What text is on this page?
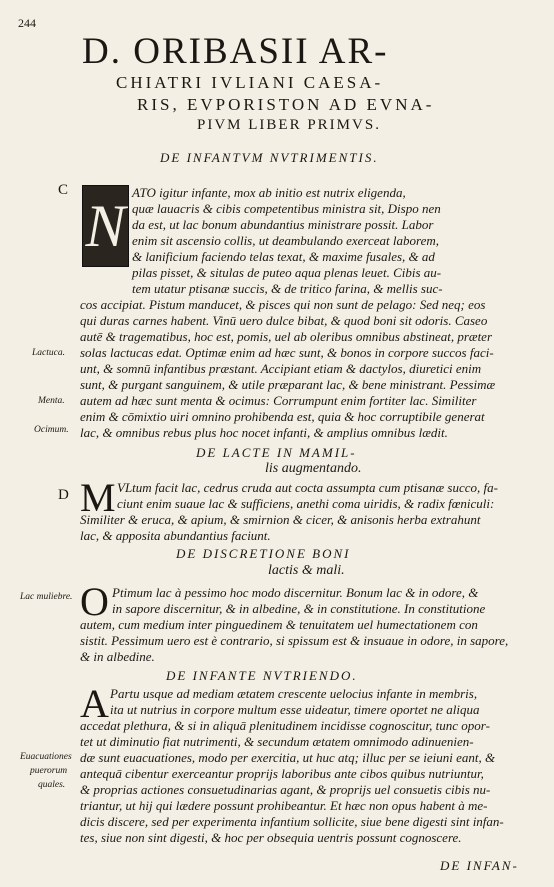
244
D. ORIBASII AR-
CHIATRI IVLIANI CAESA-
RIS, EVPORISTON AD EVNA-
PIVM LIBER PRIMVS.
DE INFANTVM NVTRIMENTIS.
C
N
ATO igitur infante, mox ab initio est nutrix eligenda,
quæ lauacris & cibis competentibus ministra sit, Dispo nen
da est, ut lac bonum abundantius ministrare possit. Labor
enim sit ascensio collis, ut deambulando exerceat laborem,
& lanificium faciendo telas texat, & maxime fusales, & ad
pilas pisset, & situlas de puteo aqua plenas leuet. Cibis au-
tem utatur ptisanæ succis, & de tritico farina, & mellis suc-
cos accipiat. Pistum manducet, & pisces qui non sunt de pelago: Sed neq; eos
qui duras carnes habent. Vinū uero dulce bibat, & quod boni sit odoris. Caseo
autē & tragematibus, hoc est, pomis, uel ab oleribus omnibus abstineat, præter
solas lactucas edat. Optimæ enim ad hæc sunt, & bonos in corpore succos faci-
unt, & somnū infantibus præstant. Accipiant etiam & dactylos, diuretici enim
sunt, & purgant sanguinem, & utile præparant lac, & bene ministrant. Pessimæ
autem ad hæc sunt menta & ocimus: Corrumpunt enim fortiter lac. Similiter
enim & cōmixtio uiri omnino prohibenda est, quia & hoc corruptibile generat
lac, & omnibus rebus plus hoc nocet infanti, & amplius omnibus lædit.
Lactuca.
Menta.
Ocimum.
DE LACTE IN MAMIL-
lis augmentando.
D M VLtum facit lac, cedrus cruda aut cocta assumpta cum ptisanæ succo, fa-
ciunt enim suaue lac & sufficiens, anethi coma uiridis, & radix fœniculi:
Similiter & eruca, & apium, & smirnion & cicer, & anisonis herba extrahunt
lac, & apposita abundantius faciunt.
DE DISCRETIONE BONI
lactis & mali.
O
Lac muliebre.	Ptimum lac à pessimo hoc modo discernitur. Bonum lac & in odore, &
in sapore discernitur, & in albedine, & in constitutione. In constitutione
autem, cum medium inter pinguedinem & tenuitatem uel humectationem con
sistit. Pessimum uero est è contrario, si spissum est & insuaue in odore, in sapore,
& in albedine.
DE INFANTE NVTRIENDO.
A Partu usque ad mediam ætatem crescente uelocius infante in membris,
ita ut nutrius in corpore multum esse uideatur, timere oportet ne aliqua
accedat plethura, & si in aliquā plenitudinem incidisse cognoscitur, tunc opor-
tet ut diminutio fiat nutrimenti, & secundum ætatem omnimodo adinuenien-
dæ sunt euacuationes, modo per exercitia, ut huc atq; illuc per se ieiuni eant, &
antequā cibentur exerceantur proprijs laboribus ante cibos quibus nutriuntur,
& proprias actiones consuetudinarias agant, & proprijs uel consuetis cibis nu-
triantur, ut hij qui lædere possunt prohibeantur. Et hæc non opus habent à me-
dicis discere, sed per experimenta infantium sollicite, siue bene digesti sint infan-
tes, siue non sint digesti, & hoc per obsequia uentris possunt cognoscere.
Euacuationes
puerorum
quales.
DE INFAN-
